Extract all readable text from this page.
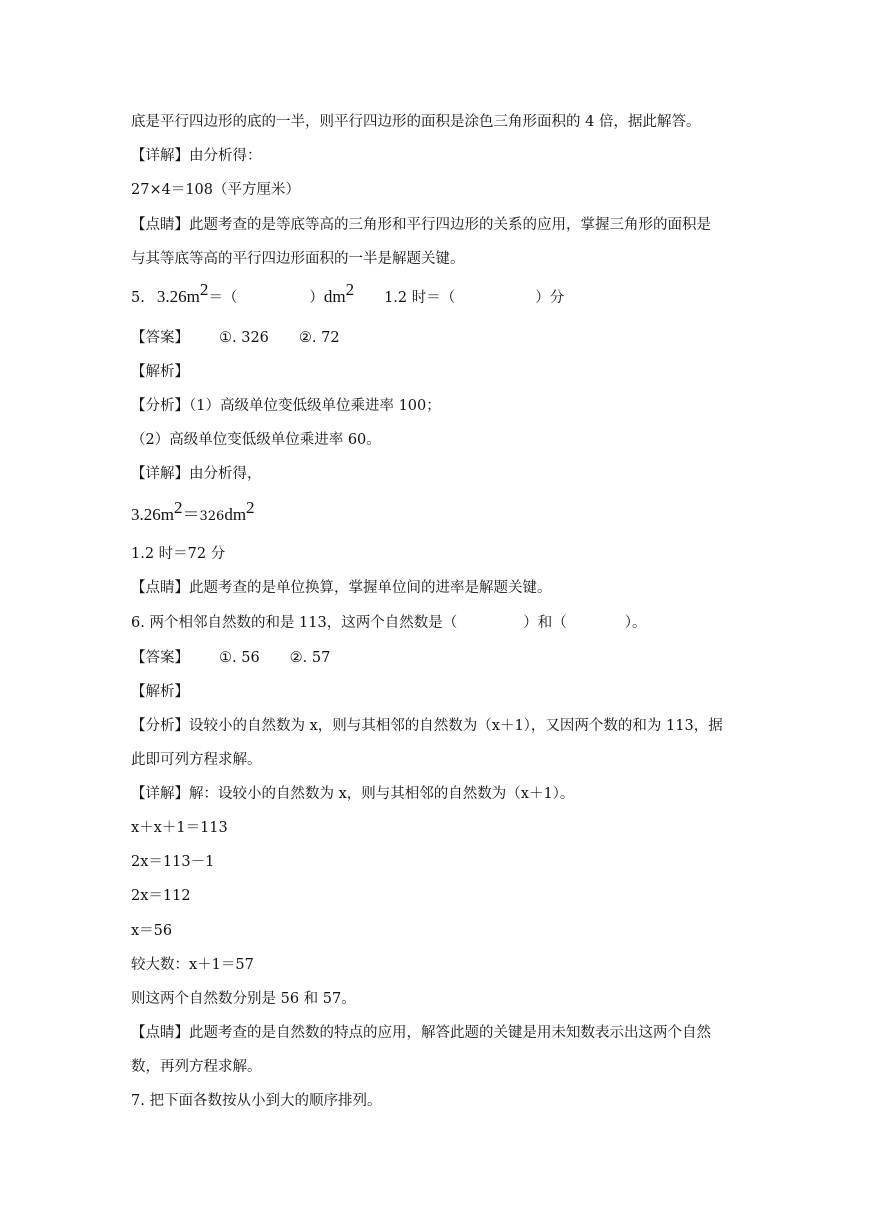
底是平行四边形的底的一半，则平行四边形的面积是涂色三角形面积的 4 倍，据此解答。
【详解】由分析得：
27×4＝108（平方厘米）
【点睛】此题考查的是等底等高的三角形和平行四边形的关系的应用，掌握三角形的面积是
与其等底等高的平行四边形面积的一半是解题关键。
5. $3.26m^2=$（	）$dm^2$ 1.2 时＝（	）分
【答案】 ①. 326 ②. 72
【解析】
【分析】（1）高级单位变低级单位乘进率 100；
（2）高级单位变低级单位乘进率 60。
【详解】由分析得，
$3.26m^2=326dm^2$
1.2 时＝72 分
【点睛】此题考查的是单位换算，掌握单位间的进率是解题关键。
6. 两个相邻自然数的和是 113，这两个自然数是（	）和（	）。
【答案】 ①. 56 ②. 57
【解析】
【分析】设较小的自然数为 x，则与其相邻的自然数为（x＋1），又因两个数的和为 113，据
此即可列方程求解。
【详解】解：设较小的自然数为 x，则与其相邻的自然数为（x＋1）。
x＋x＋1＝113
2x＝113－1
2x＝112
x＝56
较大数：x＋1＝57
则这两个自然数分别是 56 和 57。
【点睛】此题考查的是自然数的特点的应用，解答此题的关键是用未知数表示出这两个自然
数，再列方程求解。
7. 把下面各数按从小到大的顺序排列。
